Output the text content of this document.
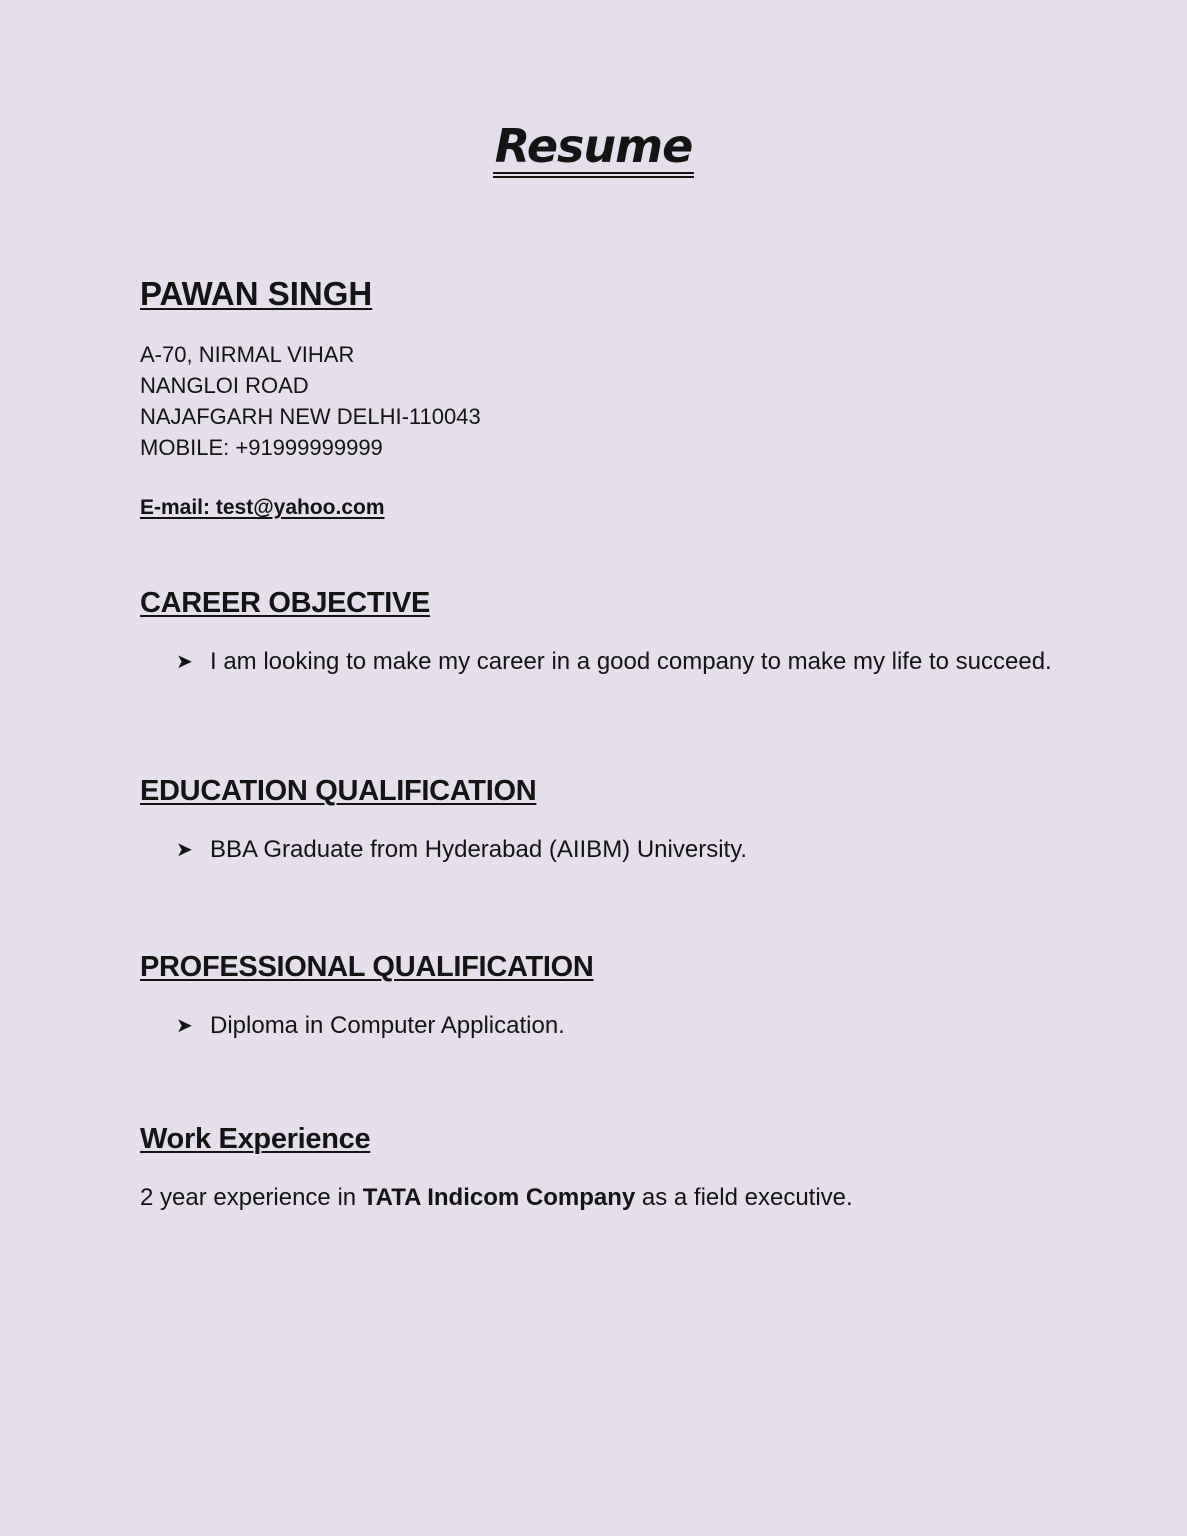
Resume
PAWAN SINGH
A-70, NIRMAL VIHAR
NANGLOI ROAD
NAJAFGARH NEW DELHI-110043
MOBILE: +91999999999
E-mail: test@yahoo.com
CAREER OBJECTIVE
➤ I am looking to make my career in a good company to make my life to succeed.
EDUCATION QUALIFICATION
➤ BBA Graduate from Hyderabad (AIIBM) University.
PROFESSIONAL QUALIFICATION
➤ Diploma in Computer Application.
Work Experience
2 year experience in TATA Indicom Company as a field executive.
